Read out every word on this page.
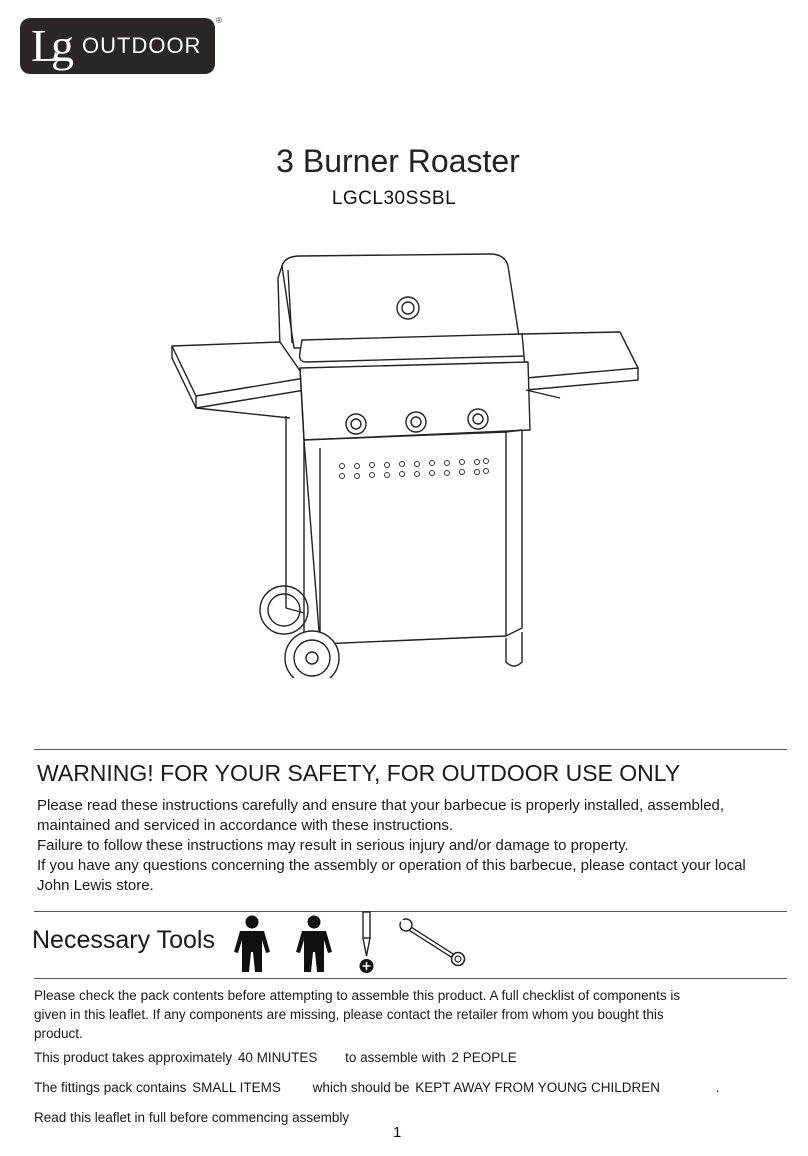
L
g OUTDOOR
®
3 Burner Roaster
LGCL30SSBL
WARNING! FOR YOUR SAFETY, FOR OUTDOOR USE ONLY
Please read these instructions carefully and ensure that your barbecue is properly installed, assembled,
maintained and serviced in accordance with these instructions.
Failure to follow these instructions may result in serious injury and/or damage to property.
If you have any questions concerning the assembly or operation of this barbecue, please contact your local
John Lewis store.
Necessary Tools
Please check the pack contents before attempting to assemble this product. A full checklist of components is
given in this leaflet. If any components are missing, please contact the retailer from whom you bought this
product.
This product takes approximately 40 MINUTES to assemble with 2 PEOPLE
The fittings pack contains SMALL ITEMS which should be KEPT AWAY FROM YOUNG CHILDREN	.
Read this leaflet in full before commencing assembly
1
